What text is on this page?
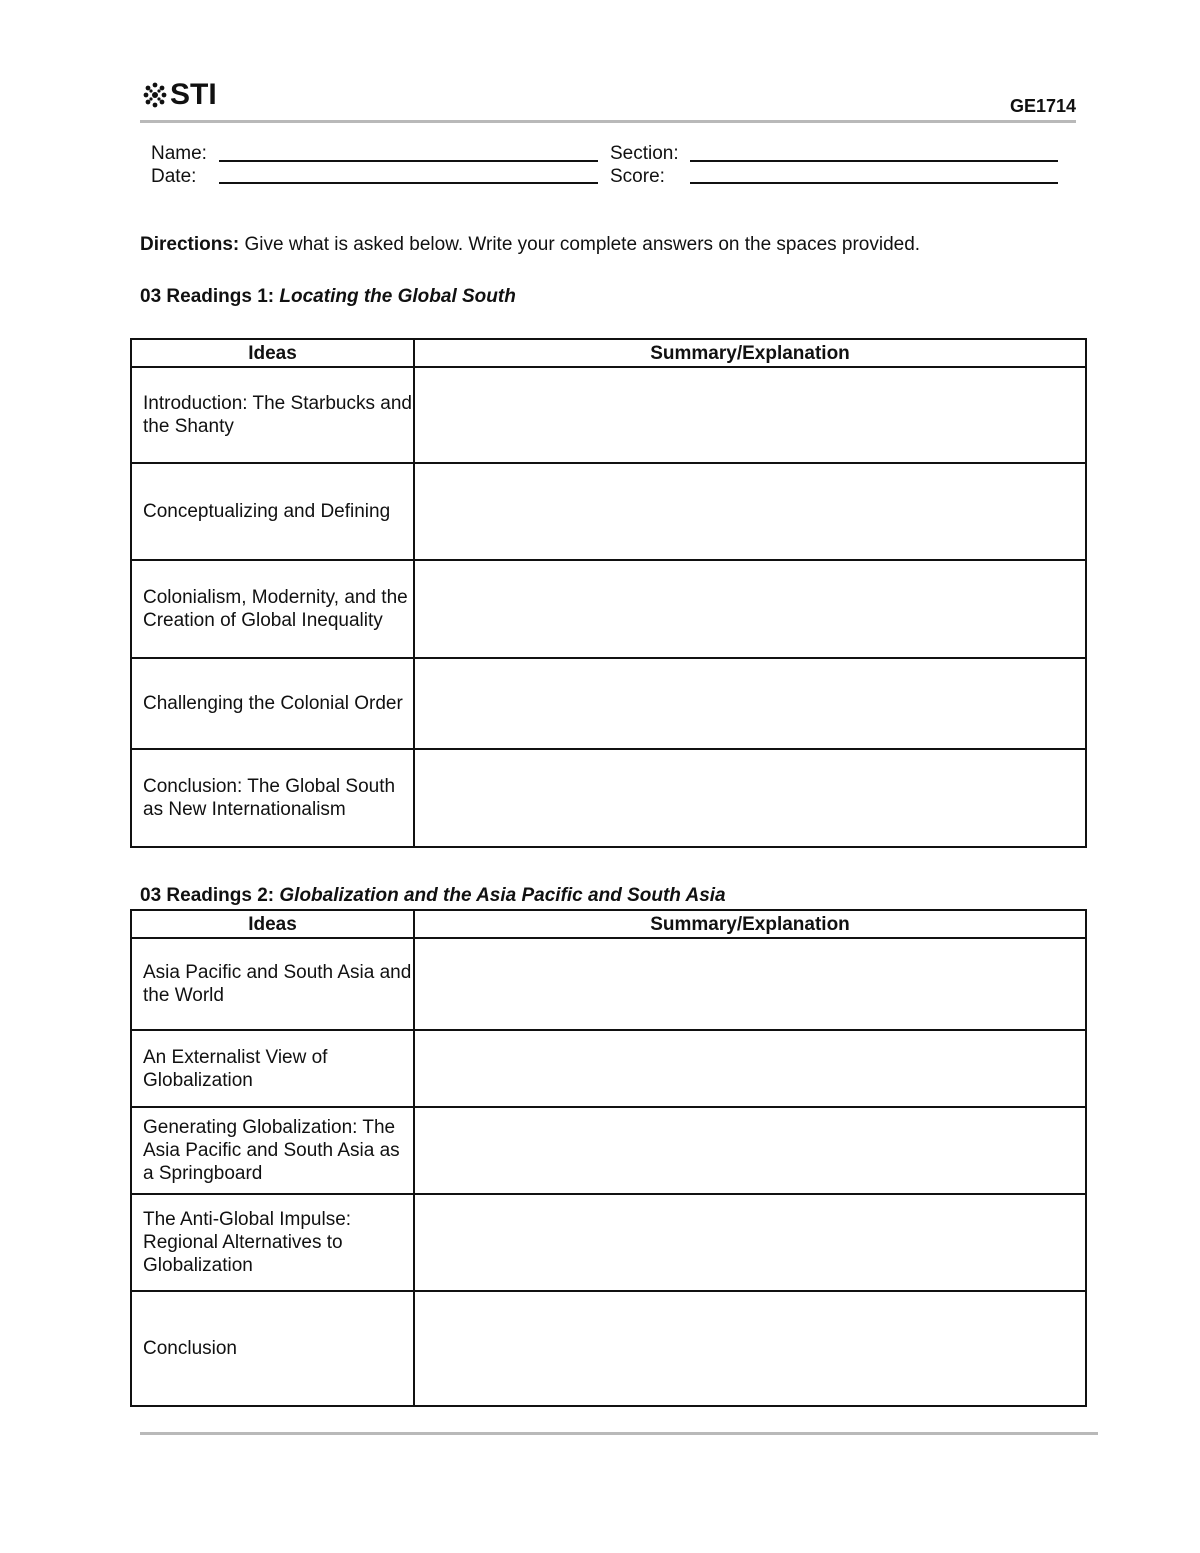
STI	GE1714
Name:
Date:
Section:
Score:
Directions: Give what is asked below. Write your complete answers on the spaces provided.
03 Readings 1: Locating the Global South
Ideas	Summary/Explanation
Introduction: The Starbucks and the Shanty	
Conceptualizing and Defining	
Colonialism, Modernity, and the Creation of Global Inequality	
Challenging the Colonial Order	
Conclusion: The Global South as New Internationalism	
03 Readings 2: Globalization and the Asia Pacific and South Asia
Ideas	Summary/Explanation
Asia Pacific and South Asia and the World	
An Externalist View of Globalization	
Generating Globalization: The Asia Pacific and South Asia as a Springboard	
The Anti-Global Impulse: Regional Alternatives to Globalization	
Conclusion	
